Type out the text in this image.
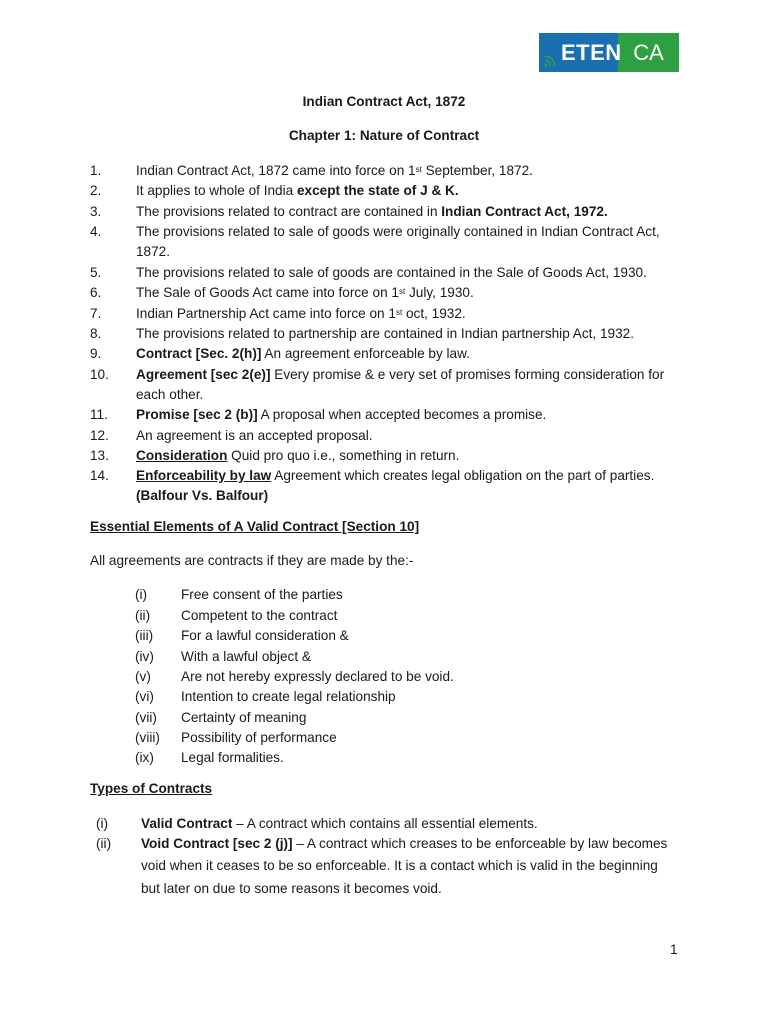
ETEN CA
Indian Contract Act, 1872
Chapter 1: Nature of Contract
1.	Indian Contract Act, 1872 came into force on 1st September, 1872.
2.	It applies to whole of India except the state of J & K.
3.	The provisions related to contract are contained in Indian Contract Act, 1972.
4.	The provisions related to sale of goods were originally contained in Indian Contract Act, 1872.
5.	The provisions related to sale of goods are contained in the Sale of Goods Act, 1930.
6.	The Sale of Goods Act came into force on 1st July, 1930.
7.	Indian Partnership Act came into force on 1st oct, 1932.
8.	The provisions related to partnership are contained in Indian partnership Act, 1932.
9.	Contract [Sec. 2(h)] An agreement enforceable by law.
10. Agreement [sec 2(e)] Every promise & e very set of promises forming consideration for each other.
11. Promise [sec 2 (b)] A proposal when accepted becomes a promise.
12. An agreement is an accepted proposal.
13. Consideration Quid pro quo i.e., something in return.
14. Enforceability by law Agreement which creates legal obligation on the part of parties. (Balfour Vs. Balfour)
Essential Elements of A Valid Contract [Section 10]
All agreements are contracts if they are made by the:-
(i) Free consent of the parties
(ii) Competent to the contract
(iii) For a lawful consideration &
(iv) With a lawful object &
(v) Are not hereby expressly declared to be void.
(vi) Intention to create legal relationship
(vii) Certainty of meaning
(viii) Possibility of performance
(ix) Legal formalities.
Types of Contracts
(i) Valid Contract – A contract which contains all essential elements.
(ii) Void Contract [sec 2 (j)] – A contract which creases to be enforceable by law becomes void when it ceases to be so enforceable. It is a contact which is valid in the beginning but later on due to some reasons it becomes void.
1
